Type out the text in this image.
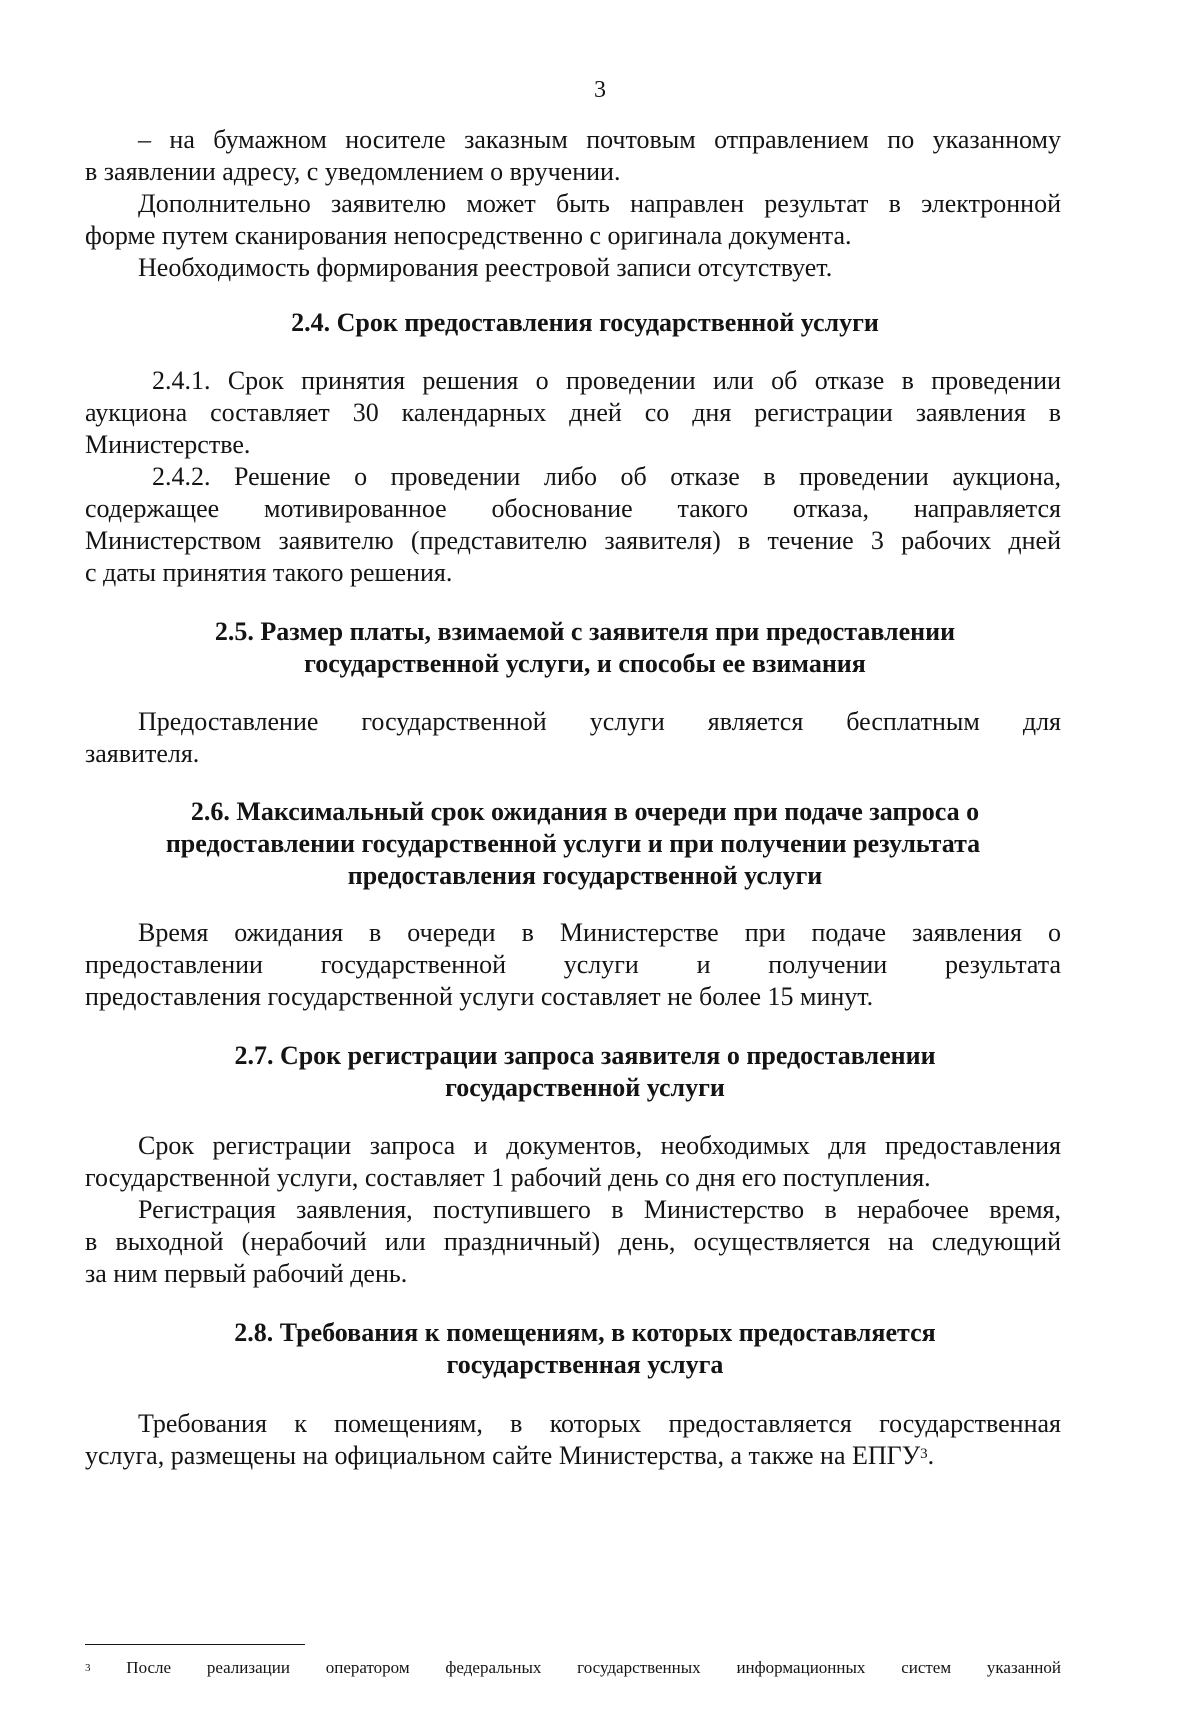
3
– на бумажном носителе заказным почтовым отправлением по указанному
в заявлении адресу, с уведомлением о вручении.
Дополнительно заявителю может быть направлен результат в электронной
форме путем сканирования непосредственно с оригинала документа.
Необходимость формирования реестровой записи отсутствует.
2.4. Срок предоставления государственной услуги
2.4.1. Срок принятия решения о проведении или об отказе в проведении
аукциона составляет 30 календарных дней со дня регистрации заявления в
Министерстве.
2.4.2. Решение о проведении либо об отказе в проведении аукциона,
содержащее мотивированное обоснование такого отказа, направляется
Министерством заявителю (представителю заявителя) в течение 3 рабочих дней
с даты принятия такого решения.
2.5. Размер платы, взимаемой с заявителя при предоставлении
государственной услуги, и способы ее взимания
Предоставление государственной услуги является бесплатным для
заявителя.
2.6. Максимальный срок ожидания в очереди при подаче запроса о
предоставлении государственной услуги и при получении результата
предоставления государственной услуги
Время ожидания в очереди в Министерстве при подаче заявления о
предоставлении государственной услуги и получении результата
предоставления государственной услуги составляет не более 15 минут.
2.7. Срок регистрации запроса заявителя о предоставлении
государственной услуги
Срок регистрации запроса и документов, необходимых для предоставления
государственной услуги, составляет 1 рабочий день со дня его поступления.
Регистрация заявления, поступившего в Министерство в нерабочее время,
в выходной (нерабочий или праздничный) день, осуществляется на следующий
за ним первый рабочий день.
2.8. Требования к помещениям, в которых предоставляется
государственная услуга
Требования к помещениям, в которых предоставляется государственная
услуга, размещены на официальном сайте Министерства, а также на ЕПГУ$^3$.
$^3$ После реализации оператором федеральных государственных информационных систем указанной
